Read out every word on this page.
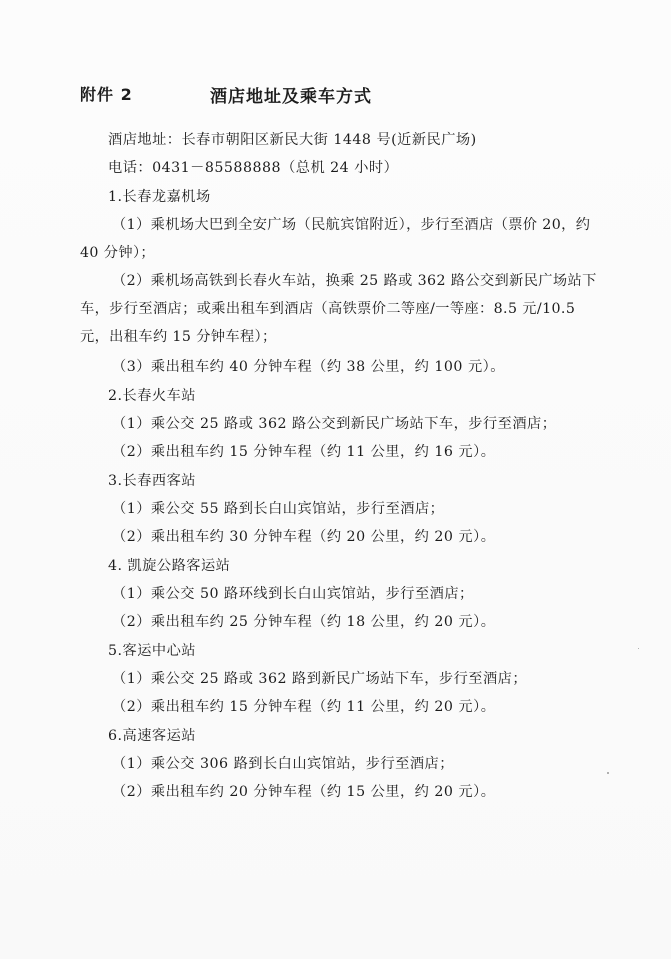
附件 2	酒店地址及乘车方式
酒店地址：长春市朝阳区新民大街 1448 号(近新民广场)
电话：0431－85588888（总机 24 小时）
1.长春龙嘉机场
（1）乘机场大巴到全安广场（民航宾馆附近），步行至酒店（票价 20，约 40 分钟）；
（2）乘机场高铁到长春火车站，换乘 25 路或 362 路公交到新民广场站下车，步行至酒店；或乘出租车到酒店（高铁票价二等座/一等座：8.5 元/10.5 元，出租车约 15 分钟车程）；
（3）乘出租车约 40 分钟车程（约 38 公里，约 100 元）。
2.长春火车站
（1）乘公交 25 路或 362 路公交到新民广场站下车，步行至酒店；
（2）乘出租车约 15 分钟车程（约 11 公里，约 16 元）。
3.长春西客站
（1）乘公交 55 路到长白山宾馆站，步行至酒店；
（2）乘出租车约 30 分钟车程（约 20 公里，约 20 元）。
4. 凯旋公路客运站
（1）乘公交 50 路环线到长白山宾馆站，步行至酒店；
（2）乘出租车约 25 分钟车程（约 18 公里，约 20 元）。
5.客运中心站
（1）乘公交 25 路或 362 路到新民广场站下车，步行至酒店；
（2）乘出租车约 15 分钟车程（约 11 公里，约 20 元）。
6.高速客运站
（1）乘公交 306 路到长白山宾馆站，步行至酒店；
（2）乘出租车约 20 分钟车程（约 15 公里，约 20 元）。
